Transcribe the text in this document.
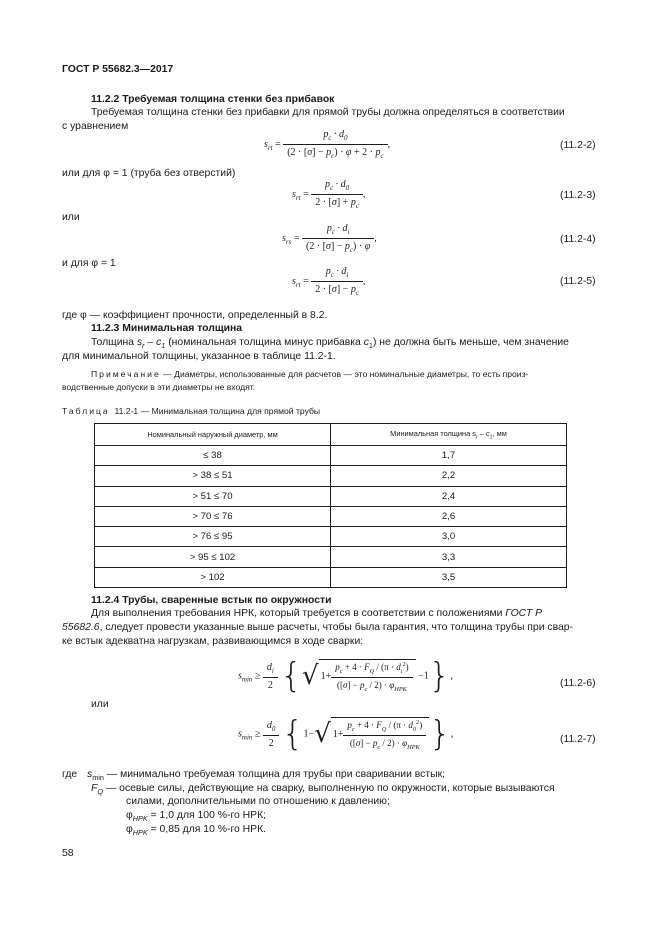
ГОСТ Р 55682.3—2017
11.2.2 Требуемая толщина стенки без прибавок
Требуемая толщина стенки без прибавки для прямой трубы должна определяться в соответствии
с уравнением
$s_{rt} = \frac{p_c \cdot d_0}{(2 \cdot [\sigma] - p_c) \cdot \varphi + 2 \cdot p_c}$ ,	(11.2-2)
или для φ = 1 (труба без отверстий)
$s_{rt} = \frac{p_c \cdot d_0}{2 \cdot [\sigma] + p_c}$ ,	(11.2-3)
или
$s_{rs} = \frac{p_c \cdot d_i}{(2 \cdot [\sigma] - p_c) \cdot \varphi}$ ,	(11.2-4)
и для φ = 1
$s_{rt} = \frac{p_c \cdot d_i}{2 \cdot [\sigma] - p_c}$ ,	(11.2-5)
где φ — коэффициент прочности, определенный в 8.2.
11.2.3 Минимальная толщина
Толщина $s_r - c_1$ (номинальная толщина минус прибавка $c_1$) не должна быть меньше, чем значение
для минимальной толщины, указанное в таблице 11.2-1.
Примечание — Диаметры, использованные для расчетов — это номинальные диаметры, то есть произ-
водственные допуски в эти диаметры не входят.
Таблица 11.2-1 — Минимальная толщина для прямой трубы
Номинальный наружный диаметр, мм	Минимальная толщина $s_r - c_1$, мм
≤ 38	1,7
> 38 ≤ 51	2,2
> 51 ≤ 70	2,4
> 70 ≤ 76	2,6
> 76 ≤ 95	3,0
> 95 ≤ 102	3,3
> 102	3,5
11.2.4 Трубы, сваренные встык по окружности
Для выполнения требования НРК, который требуется в соответствии с положениями ГОСТ Р
55682.6, следует провести указанные выше расчеты, чтобы была гарантия, что толщина трубы при свар-
ке встык адекватна нагрузкам, развивающимся в ходе сварки:
$s_{min} \ge \frac{d_i}{2}$ {√ $1+ \frac{p_c + 4 \cdot F_Q / (\pi \cdot d_i^2)}{([\sigma] - p_c / 2) \cdot \varphi_{HPK}} -1$},
(11.2-6)
или
$s_{min} \ge \frac{d_0}{2} \{1-√$ $1+ \frac{p_c + 4 \cdot F_Q / (\pi \cdot d_0^2)}{([\sigma] - p_c / 2) \cdot \varphi_{HPK}}$ },
(11.2-7)
где $s_{min}$ — минимально требуемая толщина для трубы при сваривании встык;
$F_Q$ — осевые силы, действующие на сварку, выполненную по окружности, которые вызываются
силами, дополнительными по отношению к давлению;
$\varphi_{HPK} = 1,0$ для 100 %-го НРК;
$\varphi_{HPK} = 0,85$ для 10 %-го НРК.
58
